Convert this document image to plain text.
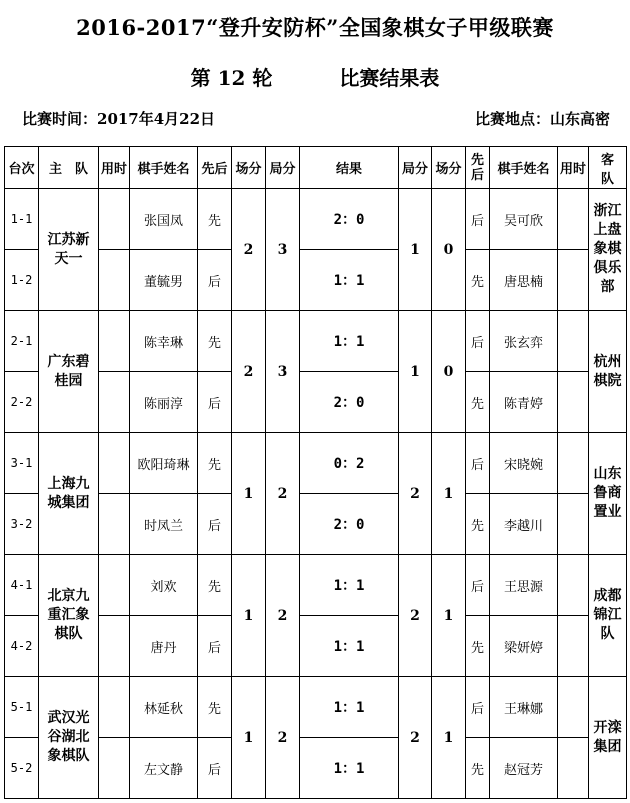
2016-2017“登升安防杯”全国象棋女子甲级联赛
第 12 轮	比赛结果表
比赛时间：2017年4月22日	比赛地点：山东高密
台次	主　队	用时	棋手姓名	先后	场分	局分	结果	局分	场分	先后	棋手姓名	用时	客　队
1-1	江苏新天一		张国凤	先	2	3	2：0	1	0	后	吴可欣		浙江上盘象棋俱乐部
1-2			董毓男	后			1：1			先	唐思楠		
2-1	广东碧桂园		陈幸琳	先	2	3	1：1	1	0	后	张玄弈		杭州棋院
2-2			陈丽淳	后			2：0			先	陈青婷		
3-1	上海九城集团		欧阳琦琳	先	1	2	0：2	2	1	后	宋晓婉		山东鲁商置业
3-2			时凤兰	后			2：0			先	李越川		
4-1	北京九重汇象棋队		刘欢	先	1	2	1：1	2	1	后	王思源		成都锦江队
4-2			唐丹	后			1：1			先	梁妍婷		
5-1	武汉光谷湖北象棋队		林延秋	先	1	2	1：1	2	1	后	王琳娜		开滦集团
5-2			左文静	后			1：1			先	赵冠芳		
